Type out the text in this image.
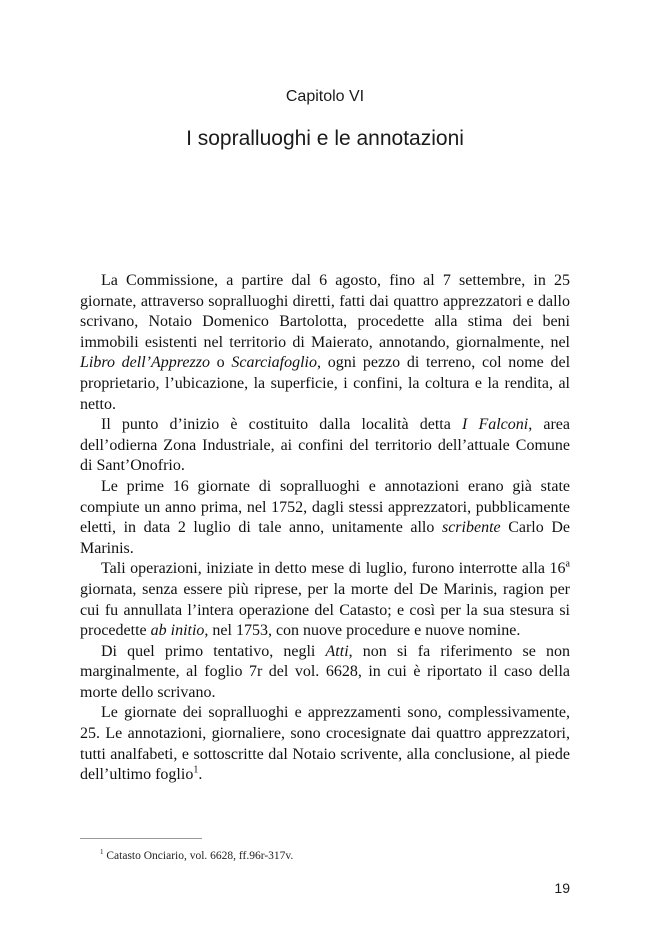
Capitolo VI
I sopralluoghi e le annotazioni

La Commissione, a partire dal 6 agosto, fino al 7 settembre, in 25 giornate, attraverso sopralluoghi diretti, fatti dai quattro apprezzatori e dallo scrivano, Notaio Domenico Bartolotta, procedette alla stima dei beni immobili esistenti nel territorio di Maierato, annotando, giornalmente, nel Libro dell’Apprezzo o Scarciafoglio, ogni pezzo di terreno, col nome del proprietario, l’ubicazione, la superficie, i confini, la coltura e la rendita, al netto.

Il punto d’inizio è costituito dalla località detta I Falconi, area dell’odierna Zona Industriale, ai confini del territorio dell’attuale Comune di Sant’Onofrio.

Le prime 16 giornate di sopralluoghi e annotazioni erano già state compiute un anno prima, nel 1752, dagli stessi apprezzatori, pubblicamente eletti, in data 2 luglio di tale anno, unitamente allo scribente Carlo De Marinis.

Tali operazioni, iniziate in detto mese di luglio, furono interrotte alla 16$^a$ giornata, senza essere più riprese, per la morte del De Marinis, ragion per cui fu annullata l’intera operazione del Catasto; e così per la sua stesura si procedette ab initio, nel 1753, con nuove procedure e nuove nomine.

Di quel primo tentativo, negli Atti, non si fa riferimento se non marginalmente, al foglio 7r del vol. 6628, in cui è riportato il caso della morte dello scrivano.

Le giornate dei sopralluoghi e apprezzamenti sono, complessivamente, 25. Le annotazioni, giornaliere, sono crocesignate dai quattro apprezzatori, tutti analfabeti, e sottoscritte dal Notaio scrivente, alla conclusione, al piede dell’ultimo foglio$^1$.

$^1$ Catasto Onciario, vol. 6628, ff.96r-317v.
19
